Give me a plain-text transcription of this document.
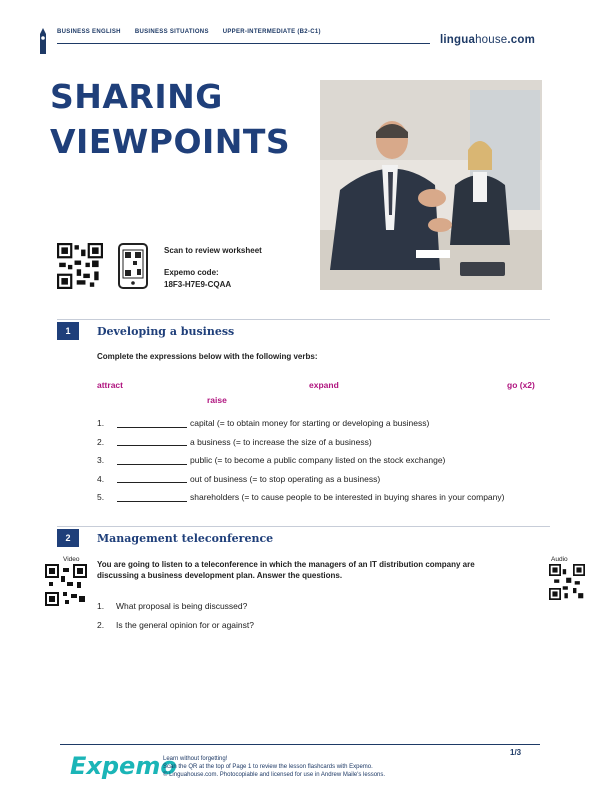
BUSINESS ENGLISH BUSINESS SITUATIONS UPPER-INTERMEDIATE (B2-C1)
linguahouse.com
SHARING
VIEWPOINTS
Scan to review worksheet
Expemo code:
18F3-H7E9-CQAA
1	Developing a business
Complete the expressions below with the following verbs:
attract	expand	go (x2)
raise
1.	capital (= to obtain money for starting or developing a business)
2.	a business (= to increase the size of a business)
3.	public (= to become a public company listed on the stock exchange)
4.	out of business (= to stop operating as a business)
5.	shareholders (= to cause people to be interested in buying shares in your company)
2	Management teleconference
Video	Audio
You are going to listen to a teleconference in which the managers of an IT distribution company are
discussing a business development plan. Answer the questions.
1.	What proposal is being discussed?
2.	Is the general opinion for or against?
Expemo
Learn without forgetting!
Scan the QR at the top of Page 1 to review the lesson flashcards with Expemo.
© Linguahouse.com. Photocopiable and licensed for use in Andrew Maile's lessons.
1/3
